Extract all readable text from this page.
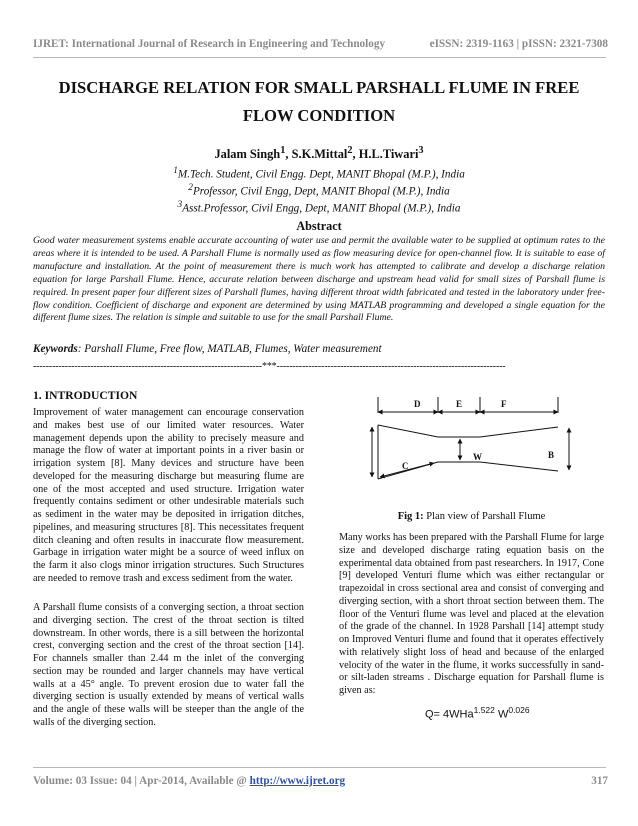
IJRET: International Journal of Research in Engineering and Technology	eISSN: 2319-1163 | pISSN: 2321-7308
DISCHARGE RELATION FOR SMALL PARSHALL FLUME IN FREE
FLOW CONDITION
Jalam Singh$^1$, S.K.Mittal$^2$, H.L.Tiwari$^3$
$^1$M.Tech. Student, Civil Engg. Dept, MANIT Bhopal (M.P.), India
$^2$Professor, Civil Engg, Dept, MANIT Bhopal (M.P.), India
$^3$Asst.Professor, Civil Engg, Dept, MANIT Bhopal (M.P.), India
Abstract
Good water measurement systems enable accurate accounting of water use and permit the available water to be supplied at optimum rates to the areas where it is intended to be used. A Parshall Flume is normally used as flow measuring device for open-channel flow. It is suitable to ease of manufacture and installation. At the point of measurement there is much work has attempted to calibrate and develop a discharge relation equation for large Parshall Flume. Hence, accurate relation between discharge and upstream head valid for small sizes of Parshall flume is required. In present paper four different sizes of Parshall flumes, having different throat width fabricated and tested in the laboratory under free-flow condition. Coefficient of discharge and exponent are determined by using MATLAB programming and developed a single equation for the different flume sizes. The relation is simple and suitable to use for the small Parshall Flume.
Keywords: Parshall Flume, Free flow, MATLAB, Flumes, Water measurement
------------------------------------------------------------------------***------------------------------------------------------------------------
1. INTRODUCTION
Improvement of water management can encourage conservation and makes best use of our limited water resources. Water management depends upon the ability to precisely measure and manage the flow of water at important points in a river basin or irrigation system [8]. Many devices and structure have been developed for the measuring discharge but measuring flume are one of the most accepted and used structure. Irrigation water frequently contains sediment or other undesirable materials such as sediment in the water may be deposited in irrigation ditches, pipelines, and measuring structures [8]. This necessitates frequent ditch cleaning and often results in inaccurate flow measurement. Garbage in irrigation water might be a source of weed influx on the farm it also clogs minor irrigation structures. Such Structures are needed to remove trash and excess sediment from the water.
A Parshall flume consists of a converging section, a throat section and diverging section. The crest of the throat section is tilted downstream. In other words, there is a sill between the horizontal crest, converging section and the crest of the throat section [14]. For channels smaller than 2.44 m the inlet of the converging section may be rounded and larger channels may have vertical walls at a 45° angle. To prevent erosion due to water fall the diverging section is usually extended by means of vertical walls and the angle of these walls will be steeper than the angle of the walls of the diverging section.
D	E	F
W	B
C
Fig 1: Plan view of Parshall Flume
Many works has been prepared with the Parshall Flume for large size and developed discharge rating equation basis on the experimental data obtained from past researchers. In 1917, Cone [9] developed Venturi flume which was either rectangular or trapezoidal in cross sectional area and consist of converging and diverging section, with a short throat section between them. The floor of the Venturi flume was level and placed at the elevation of the grade of the channel. In 1928 Parshall [14] attempt study on Improved Venturi flume and found that it operates effectively with relatively slight loss of head and because of the enlarged velocity of the water in the flume, it works successfully in sand- or silt-laden streams . Discharge equation for Parshall flume is given as:
Q= 4WHa$^{1.522}$ $W^{0.026}$
Volume: 03 Issue: 04 | Apr-2014, Available @ http://www.ijret.org	317
